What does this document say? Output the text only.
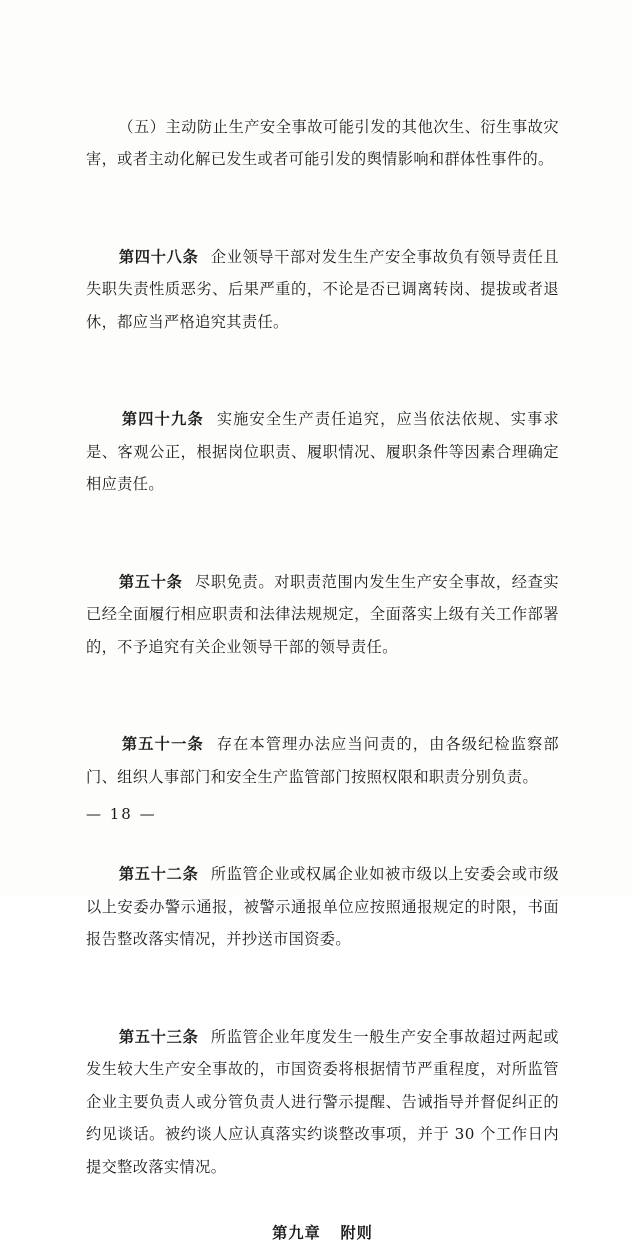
（五）主动防止生产安全事故可能引发的其他次生、衍生事故灾害，或者主动化解已发生或者可能引发的舆情影响和群体性事件的。

第四十八条 企业领导干部对发生生产安全事故负有领导责任且失职失责性质恶劣、后果严重的，不论是否已调离转岗、提拔或者退休，都应当严格追究其责任。

第四十九条 实施安全生产责任追究，应当依法依规、实事求是、客观公正，根据岗位职责、履职情况、履职条件等因素合理确定相应责任。

第五十条 尽职免责。对职责范围内发生生产安全事故，经查实已经全面履行相应职责和法律法规规定，全面落实上级有关工作部署的，不予追究有关企业领导干部的领导责任。

第五十一条 存在本管理办法应当问责的，由各级纪检监察部门、组织人事部门和安全生产监管部门按照权限和职责分别负责。

第五十二条 所监管企业或权属企业如被市级以上安委会或市级以上安委办警示通报，被警示通报单位应按照通报规定的时限，书面报告整改落实情况，并抄送市国资委。

第五十三条 所监管企业年度发生一般生产安全事故超过两起或发生较大生产安全事故的，市国资委将根据情节严重程度，对所监管企业主要负责人或分管负责人进行警示提醒、告诫指导并督促纠正的约见谈话。被约谈人应认真落实约谈整改事项，并于 30 个工作日内提交整改落实情况。

第九章 附则

— 18 —
